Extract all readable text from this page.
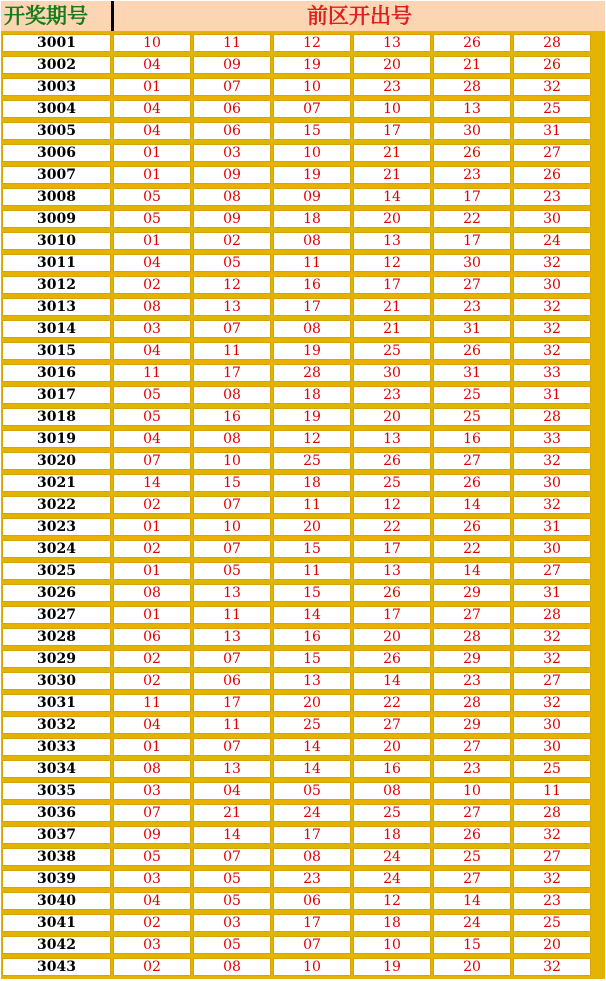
开奖期号	前区开出号
3001	10	11	12	13	26	28
3002	04	09	19	20	21	26
3003	01	07	10	23	28	32
3004	04	06	07	10	13	25
3005	04	06	15	17	30	31
3006	01	03	10	21	26	27
3007	01	09	19	21	23	26
3008	05	08	09	14	17	23
3009	05	09	18	20	22	30
3010	01	02	08	13	17	24
3011	04	05	11	12	30	32
3012	02	12	16	17	27	30
3013	08	13	17	21	23	32
3014	03	07	08	21	31	32
3015	04	11	19	25	26	32
3016	11	17	28	30	31	33
3017	05	08	18	23	25	31
3018	05	16	19	20	25	28
3019	04	08	12	13	16	33
3020	07	10	25	26	27	32
3021	14	15	18	25	26	30
3022	02	07	11	12	14	32
3023	01	10	20	22	26	31
3024	02	07	15	17	22	30
3025	01	05	11	13	14	27
3026	08	13	15	26	29	31
3027	01	11	14	17	27	28
3028	06	13	16	20	28	32
3029	02	07	15	26	29	32
3030	02	06	13	14	23	27
3031	11	17	20	22	28	32
3032	04	11	25	27	29	30
3033	01	07	14	20	27	30
3034	08	13	14	16	23	25
3035	03	04	05	08	10	11
3036	07	21	24	25	27	28
3037	09	14	17	18	26	32
3038	05	07	08	24	25	27
3039	03	05	23	24	27	32
3040	04	05	06	12	14	23
3041	02	03	17	18	24	25
3042	03	05	07	10	15	20
3043	02	08	10	19	20	32
